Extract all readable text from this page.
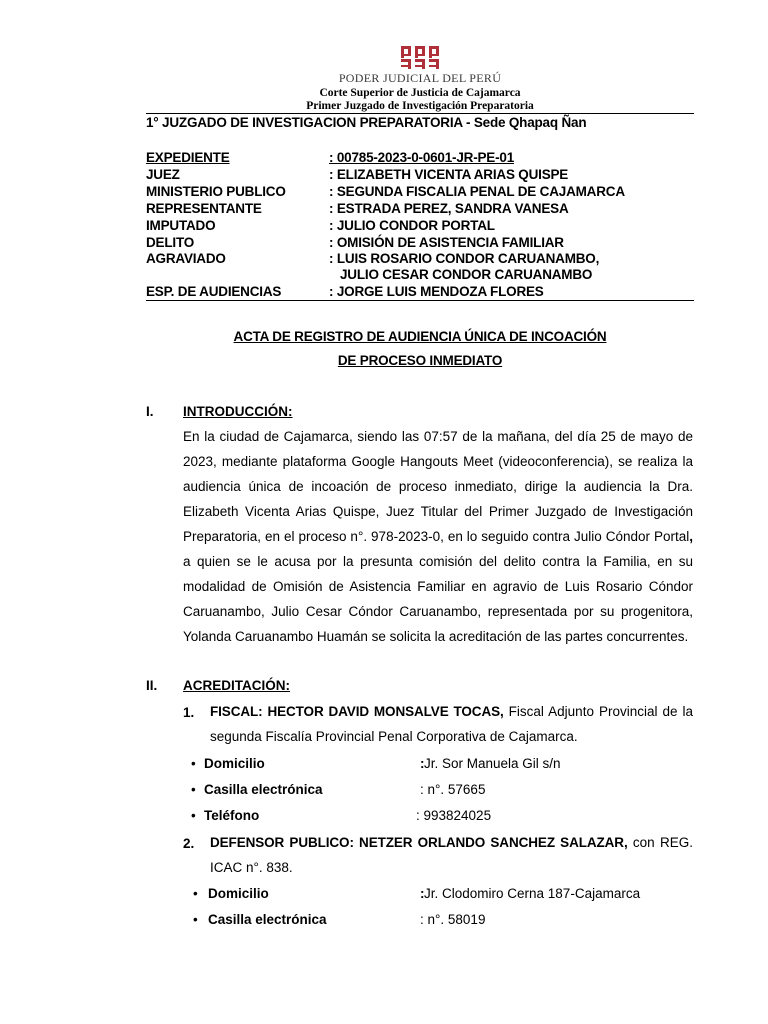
PODER JUDICIAL DEL PERÚ
Corte Superior de Justicia de Cajamarca
Primer Juzgado de Investigación Preparatoria
1° JUZGADO DE INVESTIGACION PREPARATORIA - Sede Qhapaq Ñan
EXPEDIENTE	: 00785-2023-0-0601-JR-PE-01
JUEZ	: ELIZABETH VICENTA ARIAS QUISPE
MINISTERIO PUBLICO	: SEGUNDA FISCALIA PENAL DE CAJAMARCA
REPRESENTANTE	: ESTRADA PEREZ, SANDRA VANESA
IMPUTADO	: JULIO CONDOR PORTAL
DELITO	: OMISIÓN DE ASISTENCIA FAMILIAR
AGRAVIADO	: LUIS ROSARIO CONDOR CARUANAMBO,
JULIO CESAR CONDOR CARUANAMBO
ESP. DE AUDIENCIAS	: JORGE LUIS MENDOZA FLORES
ACTA DE REGISTRO DE AUDIENCIA ÚNICA DE INCOACIÓN
DE PROCESO INMEDIATO
I. INTRODUCCIÓN:
En la ciudad de Cajamarca, siendo las 07:57 de la mañana, del día 25 de mayo de 2023, mediante plataforma Google Hangouts Meet (videoconferencia), se realiza la audiencia única de incoación de proceso inmediato, dirige la audiencia la Dra. Elizabeth Vicenta Arias Quispe, Juez Titular del Primer Juzgado de Investigación Preparatoria, en el proceso n°. 978-2023-0, en lo seguido contra Julio Cóndor Portal, a quien se le acusa por la presunta comisión del delito contra la Familia, en su modalidad de Omisión de Asistencia Familiar en agravio de Luis Rosario Cóndor Caruanambo, Julio Cesar Cóndor Caruanambo, representada por su progenitora, Yolanda Caruanambo Huamán se solicita la acreditación de las partes concurrentes.
II. ACREDITACIÓN:
1. FISCAL: HECTOR DAVID MONSALVE TOCAS, Fiscal Adjunto Provincial de la segunda Fiscalía Provincial Penal Corporativa de Cajamarca.
• Domicilio	: Jr. Sor Manuela Gil s/n
• Casilla electrónica	: n°. 57665
• Teléfono	: 993824025
2. DEFENSOR PUBLICO: NETZER ORLANDO SANCHEZ SALAZAR, con REG. ICAC n°. 838.
• Domicilio	: Jr. Clodomiro Cerna 187-Cajamarca
• Casilla electrónica	: n°. 58019
